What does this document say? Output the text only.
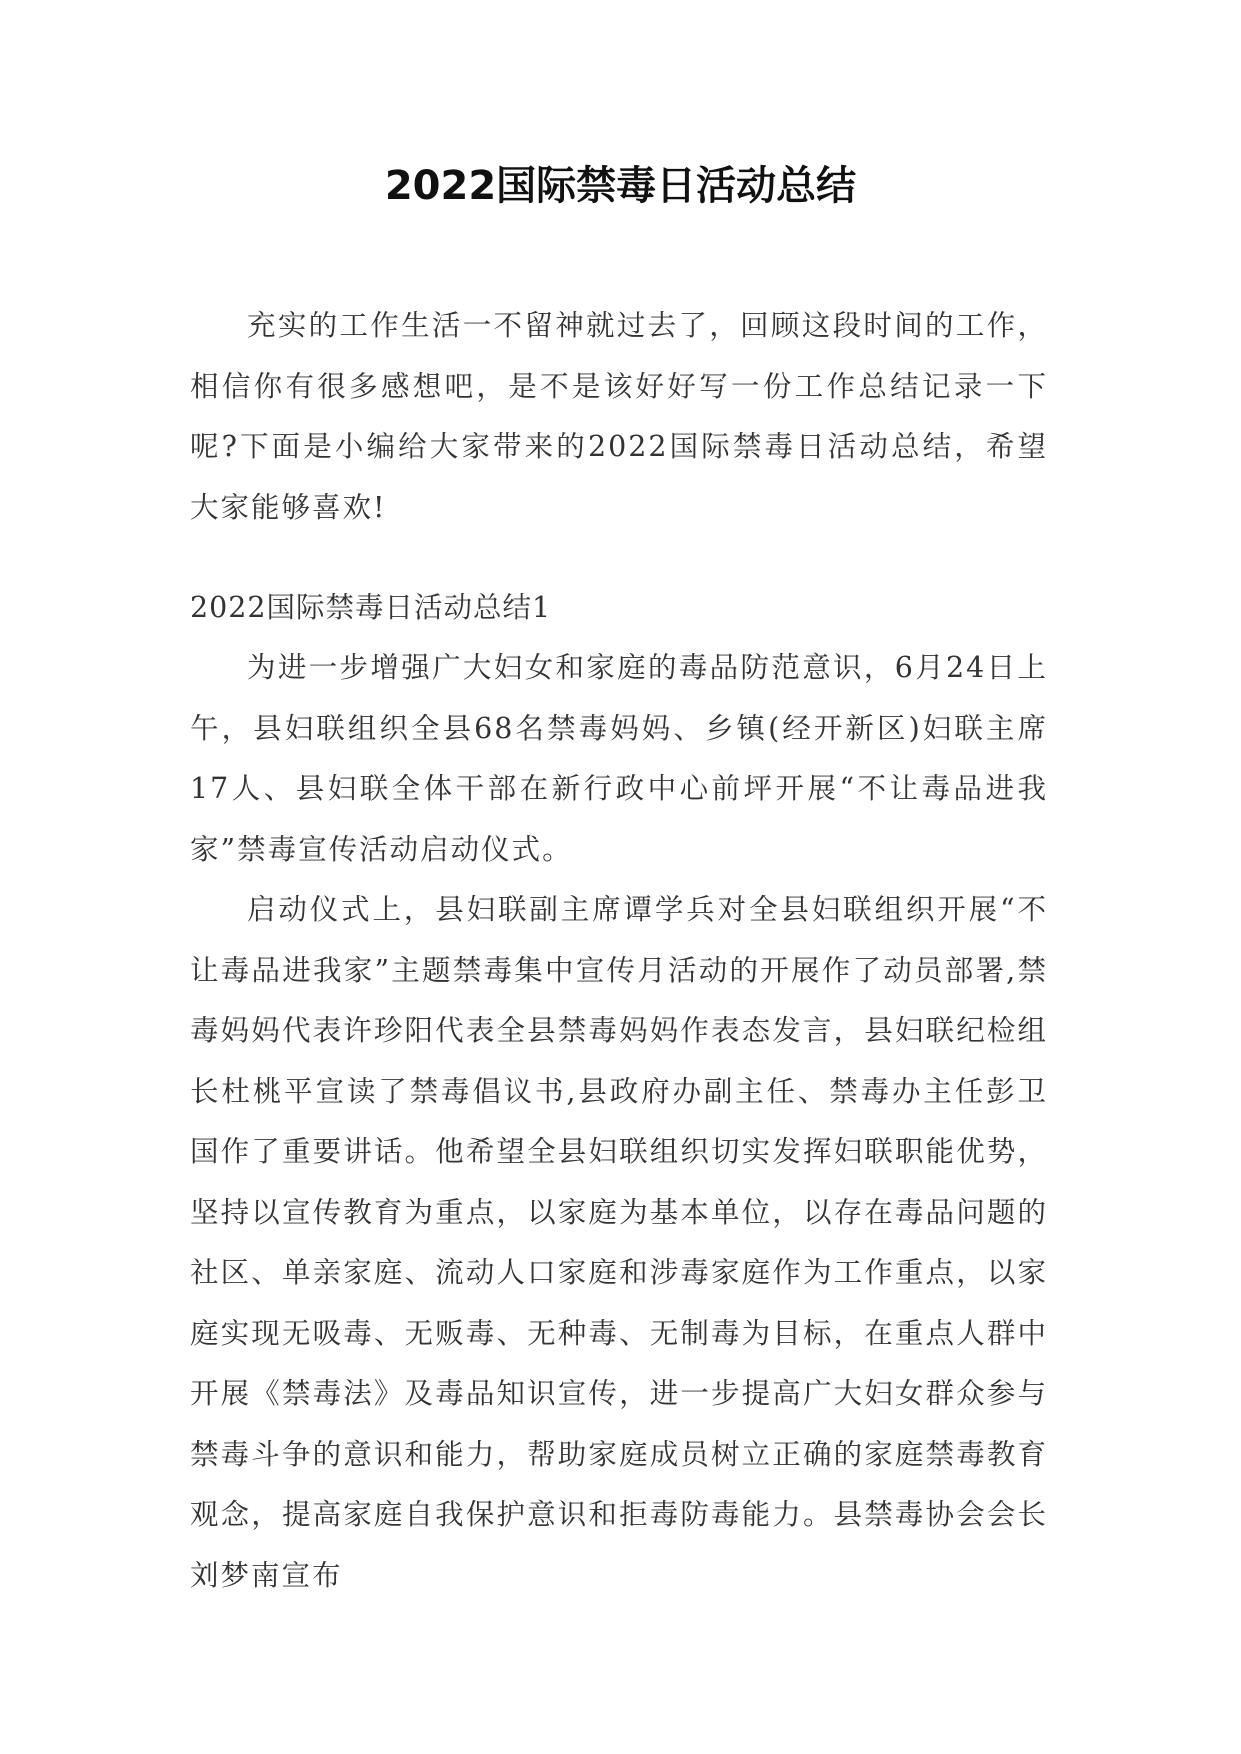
2022国际禁毒日活动总结

充实的工作生活一不留神就过去了，回顾这段时间的工作，相信你有很多感想吧，是不是该好好写一份工作总结记录一下呢?下面是小编给大家带来的2022国际禁毒日活动总结，希望大家能够喜欢!

2022国际禁毒日活动总结1

为进一步增强广大妇女和家庭的毒品防范意识，6月24日上午，县妇联组织全县68名禁毒妈妈、乡镇(经开新区)妇联主席17人、县妇联全体干部在新行政中心前坪开展“不让毒品进我家”禁毒宣传活动启动仪式。

启动仪式上，县妇联副主席谭学兵对全县妇联组织开展“不让毒品进我家”主题禁毒集中宣传月活动的开展作了动员部署,禁毒妈妈代表许珍阳代表全县禁毒妈妈作表态发言，县妇联纪检组长杜桃平宣读了禁毒倡议书,县政府办副主任、禁毒办主任彭卫国作了重要讲话。他希望全县妇联组织切实发挥妇联职能优势，坚持以宣传教育为重点，以家庭为基本单位，以存在毒品问题的社区、单亲家庭、流动人口家庭和涉毒家庭作为工作重点，以家庭实现无吸毒、无贩毒、无种毒、无制毒为目标，在重点人群中开展《禁毒法》及毒品知识宣传，进一步提高广大妇女群众参与禁毒斗争的意识和能力，帮助家庭成员树立正确的家庭禁毒教育观念，提高家庭自我保护意识和拒毒防毒能力。县禁毒协会会长刘梦南宣布
